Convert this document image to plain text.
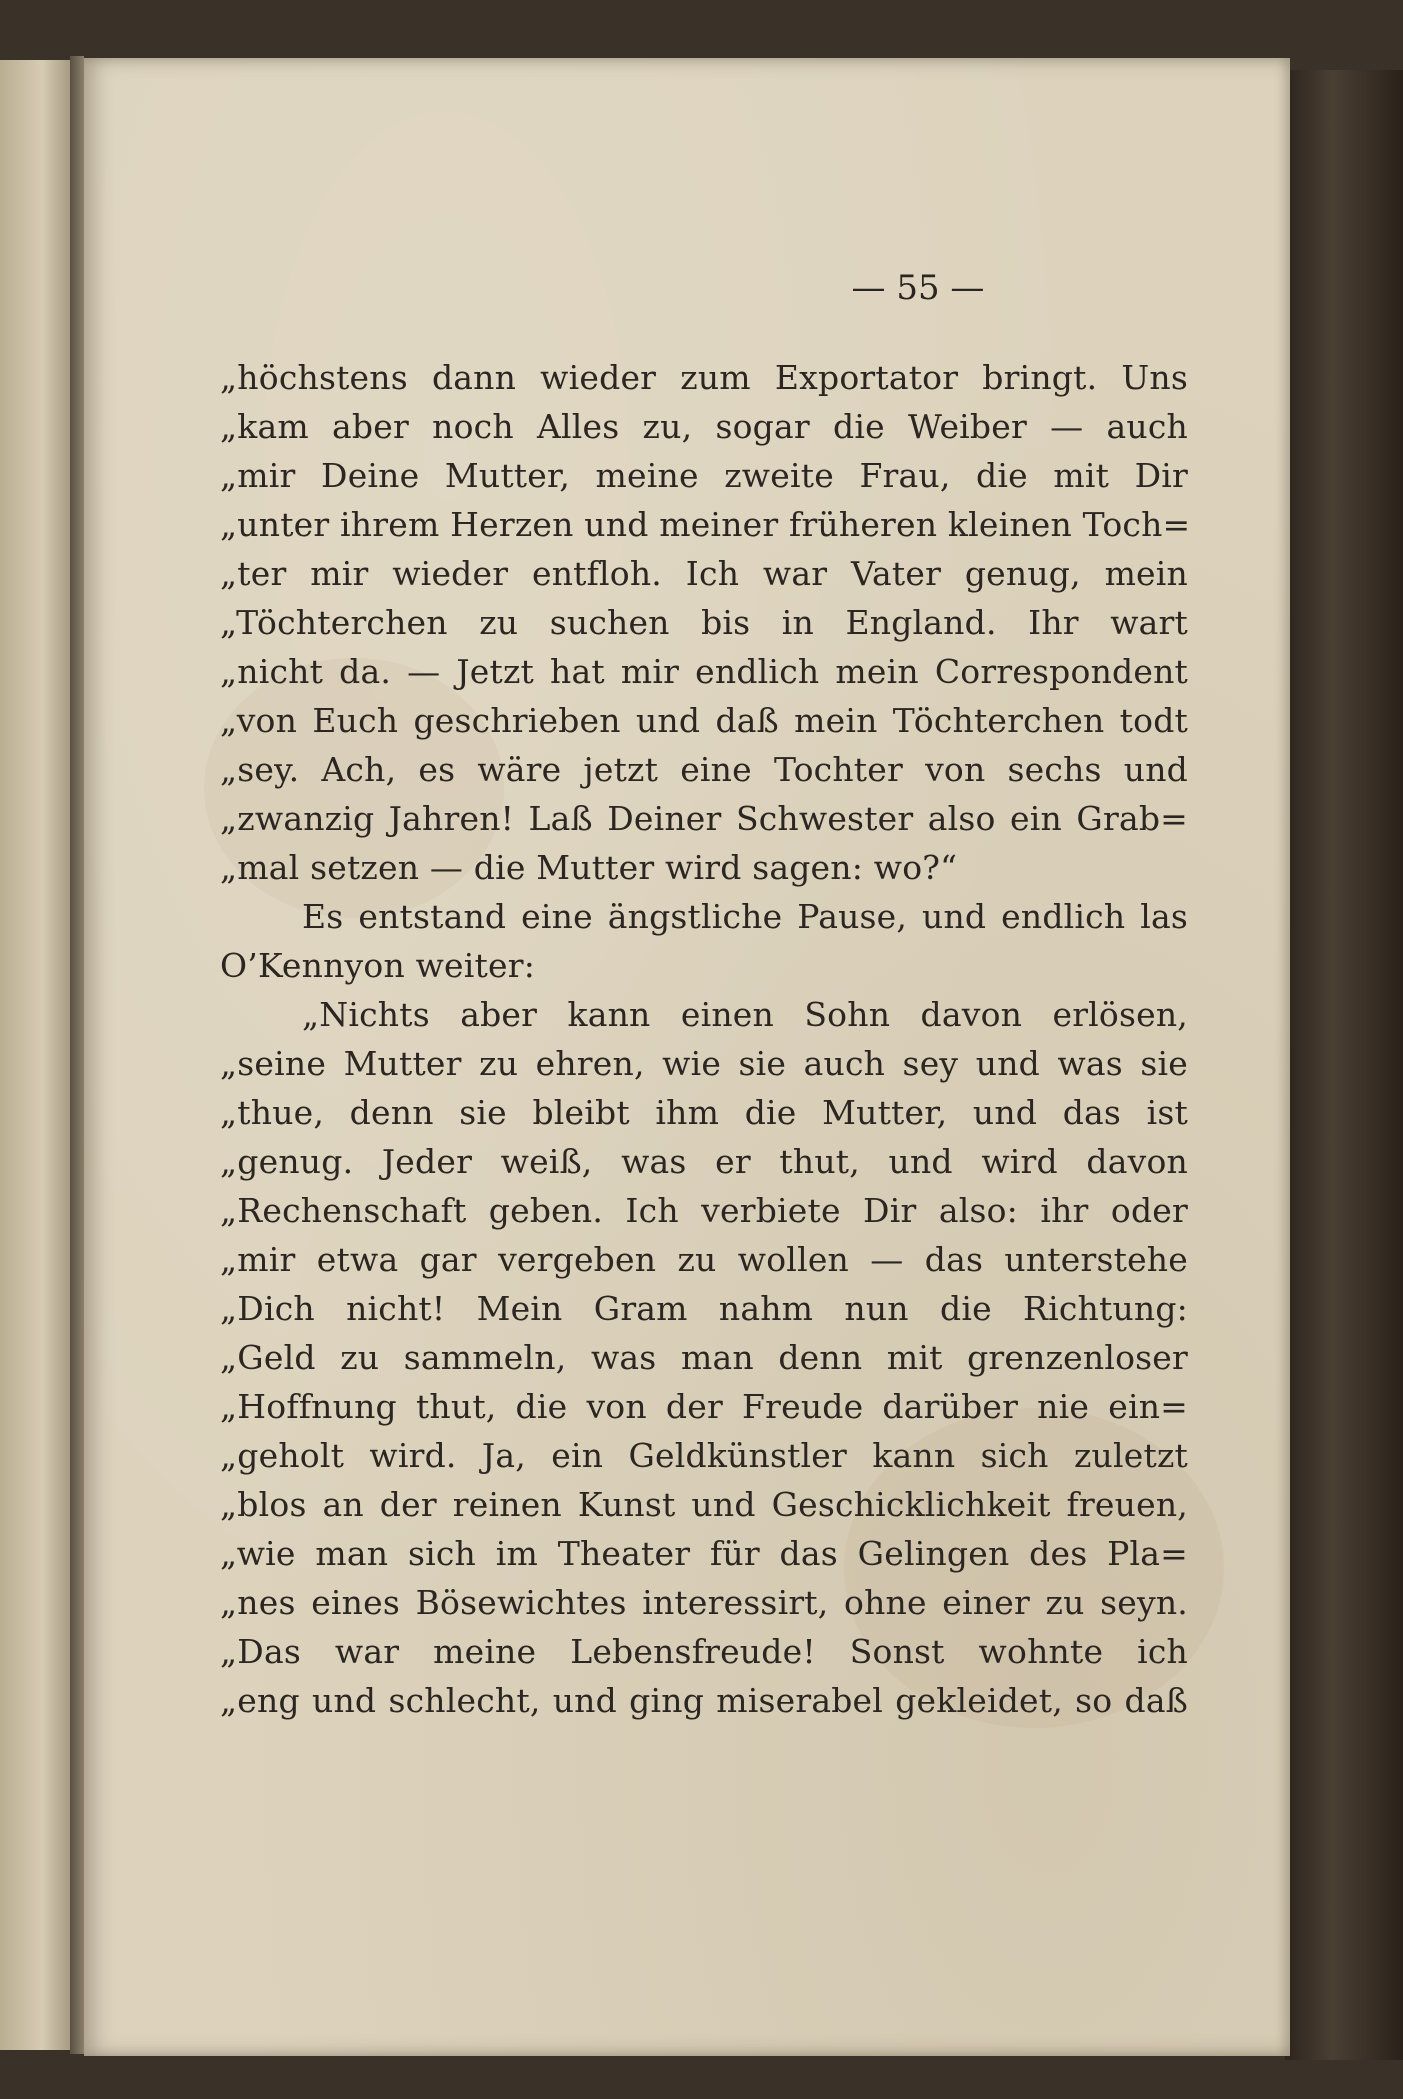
— 55 —
„höchstens dann wieder zum Exportator bringt. Uns
„kam aber noch Alles zu, sogar die Weiber — auch
„mir Deine Mutter, meine zweite Frau, die mit Dir
„unter ihrem Herzen und meiner früheren kleinen Toch=
„ter mir wieder entfloh. Ich war Vater genug, mein
„Töchterchen zu suchen bis in England. Ihr wart
„nicht da. — Jetzt hat mir endlich mein Correspondent
„von Euch geschrieben und daß mein Töchterchen todt
„sey. Ach, es wäre jetzt eine Tochter von sechs und
„zwanzig Jahren! Laß Deiner Schwester also ein Grab=
„mal setzen — die Mutter wird sagen: wo?“
Es entstand eine ängstliche Pause, und endlich las
O’Kennyon weiter:
„Nichts aber kann einen Sohn davon erlösen,
„seine Mutter zu ehren, wie sie auch sey und was sie
„thue, denn sie bleibt ihm die Mutter, und das ist
„genug. Jeder weiß, was er thut, und wird davon
„Rechenschaft geben. Ich verbiete Dir also: ihr oder
„mir etwa gar vergeben zu wollen — das unterstehe
„Dich nicht! Mein Gram nahm nun die Richtung:
„Geld zu sammeln, was man denn mit grenzenloser
„Hoffnung thut, die von der Freude darüber nie ein=
„geholt wird. Ja, ein Geldkünstler kann sich zuletzt
„blos an der reinen Kunst und Geschicklichkeit freuen,
„wie man sich im Theater für das Gelingen des Pla=
„nes eines Bösewichtes interessirt, ohne einer zu seyn.
„Das war meine Lebensfreude! Sonst wohnte ich
„eng und schlecht, und ging miserabel gekleidet, so daß
